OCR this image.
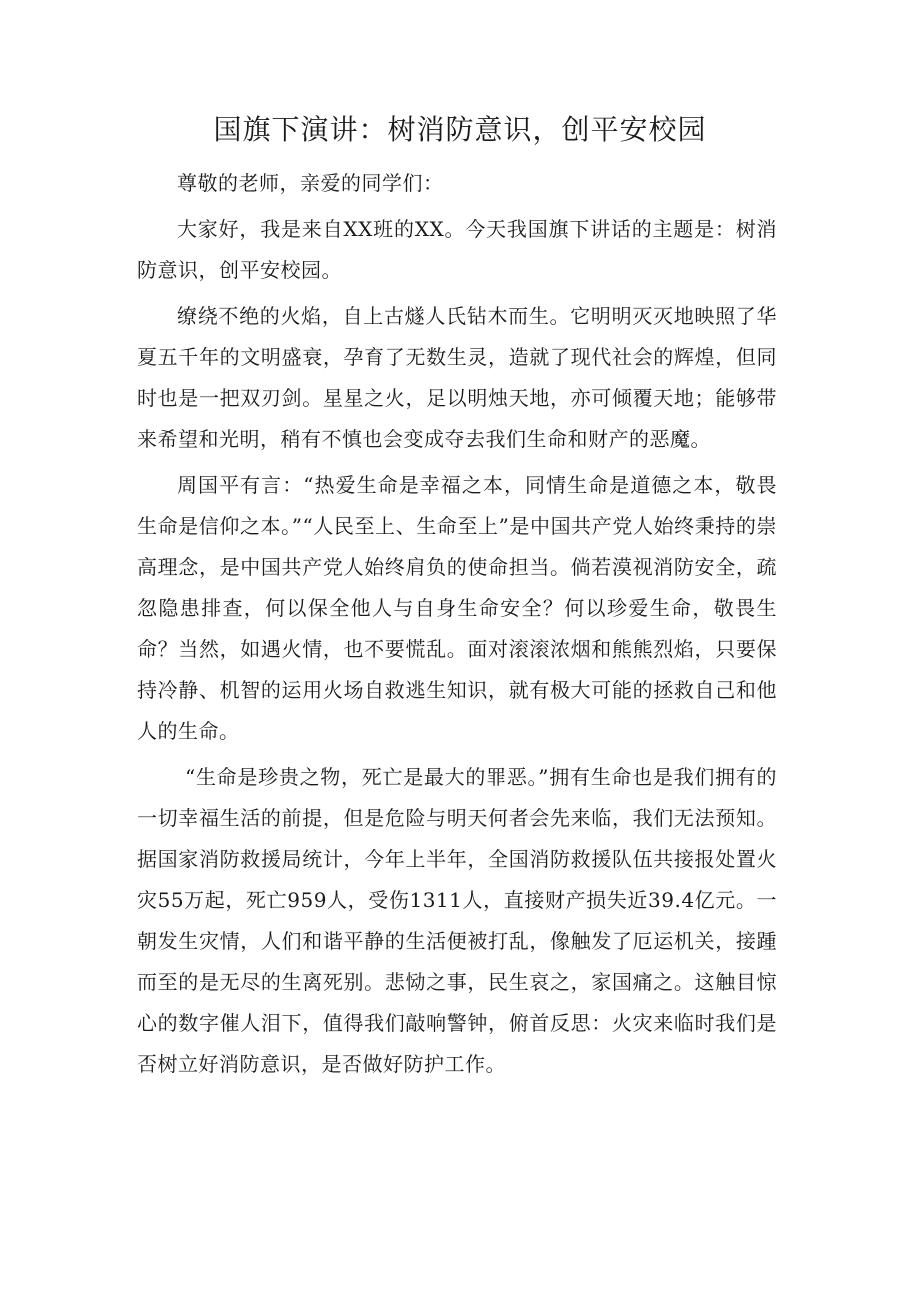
国旗下演讲：树消防意识，创平安校园

尊敬的老师，亲爱的同学们：

大家好，我是来自XX班的XX。今天我国旗下讲话的主题是：树消防意识，创平安校园。

缭绕不绝的火焰，自上古燧人氏钻木而生。它明明灭灭地映照了华夏五千年的文明盛衰，孕育了无数生灵，造就了现代社会的辉煌，但同时也是一把双刃剑。星星之火，足以明烛天地，亦可倾覆天地；能够带来希望和光明，稍有不慎也会变成夺去我们生命和财产的恶魔。

周国平有言：“热爱生命是幸福之本，同情生命是道德之本，敬畏生命是信仰之本。”“人民至上、生命至上”是中国共产党人始终秉持的崇高理念，是中国共产党人始终肩负的使命担当。倘若漠视消防安全，疏忽隐患排查，何以保全他人与自身生命安全？何以珍爱生命，敬畏生命？当然，如遇火情，也不要慌乱。面对滚滚浓烟和熊熊烈焰，只要保持冷静、机智的运用火场自救逃生知识，就有极大可能的拯救自己和他人的生命。

“生命是珍贵之物，死亡是最大的罪恶。”拥有生命也是我们拥有的一切幸福生活的前提，但是危险与明天何者会先来临，我们无法预知。据国家消防救援局统计，今年上半年，全国消防救援队伍共接报处置火灾55万起，死亡959人，受伤1311人，直接财产损失近39.4亿元。一朝发生灾情，人们和谐平静的生活便被打乱，像触发了厄运机关，接踵而至的是无尽的生离死别。悲恸之事，民生哀之，家国痛之。这触目惊心的数字催人泪下，值得我们敲响警钟，俯首反思：火灾来临时我们是否树立好消防意识，是否做好防护工作。
